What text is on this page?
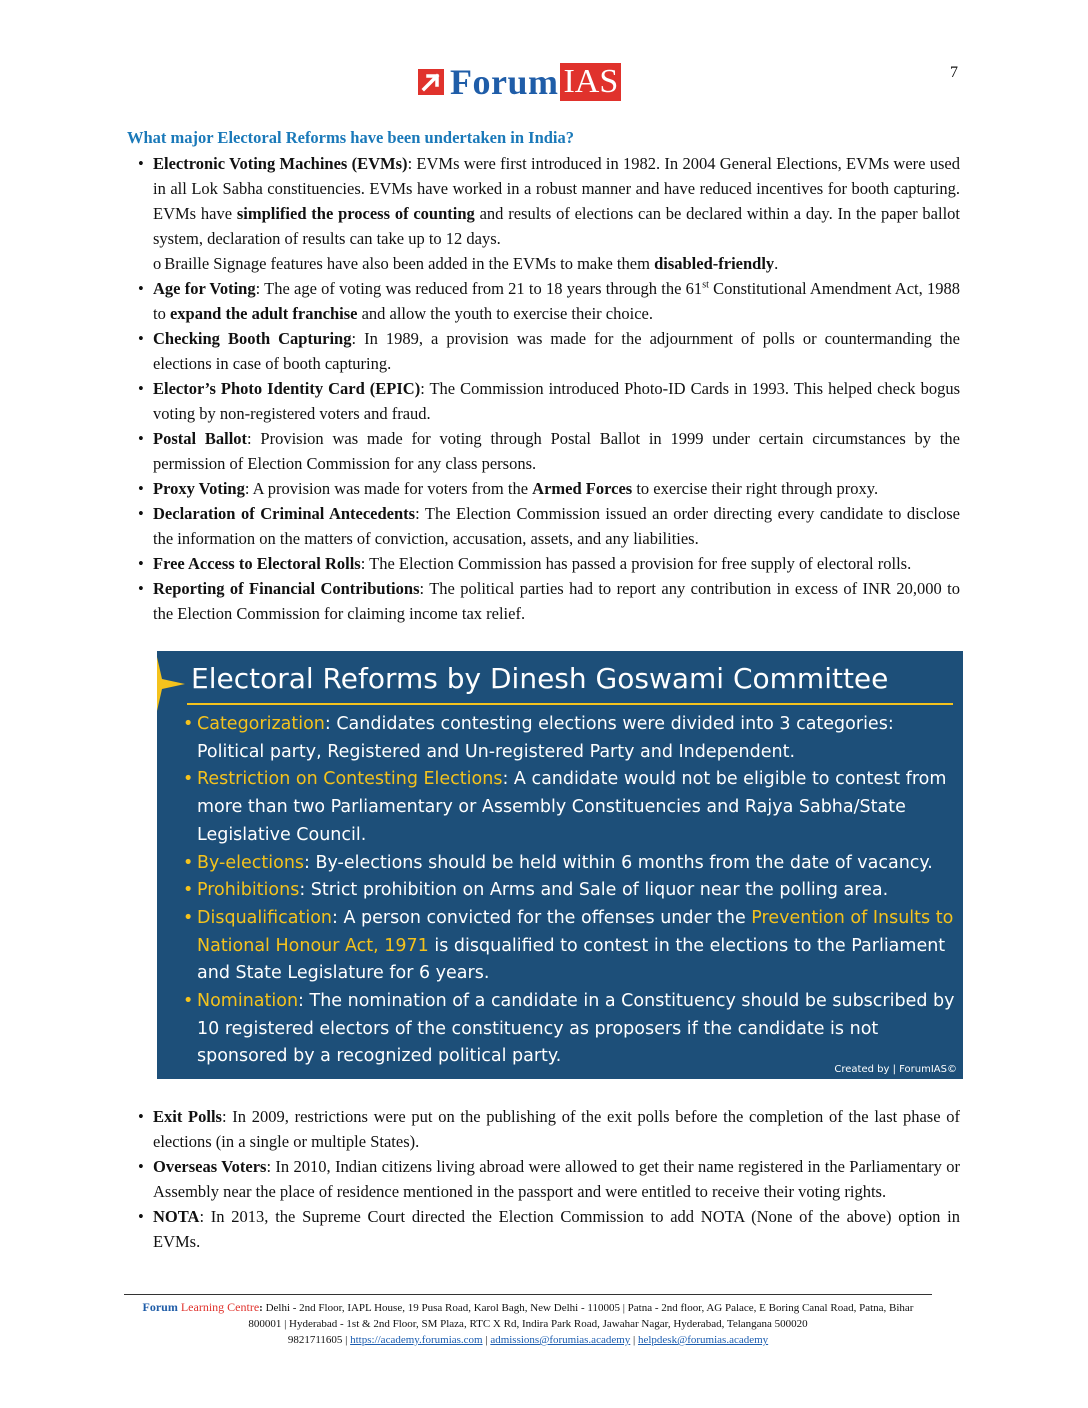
Forum IAS	7
What major Electoral Reforms have been undertaken in India?
• Electronic Voting Machines (EVMs): EVMs were first introduced in 1982. In 2004 General Elections, EVMs were used in all Lok Sabha constituencies. EVMs have worked in a robust manner and have reduced incentives for booth capturing. EVMs have simplified the process of counting and results of elections can be declared within a day. In the paper ballot system, declaration of results can take up to 12 days.
o Braille Signage features have also been added in the EVMs to make them disabled-friendly.
• Age for Voting: The age of voting was reduced from 21 to 18 years through the 61st Constitutional Amendment Act, 1988 to expand the adult franchise and allow the youth to exercise their choice.
• Checking Booth Capturing: In 1989, a provision was made for the adjournment of polls or countermanding the elections in case of booth capturing.
• Elector’s Photo Identity Card (EPIC): The Commission introduced Photo-ID Cards in 1993. This helped check bogus voting by non-registered voters and fraud.
• Postal Ballot: Provision was made for voting through Postal Ballot in 1999 under certain circumstances by the permission of Election Commission for any class persons.
• Proxy Voting: A provision was made for voters from the Armed Forces to exercise their right through proxy.
• Declaration of Criminal Antecedents: The Election Commission issued an order directing every candidate to disclose the information on the matters of conviction, accusation, assets, and any liabilities.
• Free Access to Electoral Rolls: The Election Commission has passed a provision for free supply of electoral rolls.
• Reporting of Financial Contributions: The political parties had to report any contribution in excess of INR 20,000 to the Election Commission for claiming income tax relief.
Electoral Reforms by Dinesh Goswami Committee
• Categorization: Candidates contesting elections were divided into 3 categories: Political party, Registered and Un-registered Party and Independent.
• Restriction on Contesting Elections: A candidate would not be eligible to contest from more than two Parliamentary or Assembly Constituencies and Rajya Sabha/State Legislative Council.
• By-elections: By-elections should be held within 6 months from the date of vacancy.
• Prohibitions: Strict prohibition on Arms and Sale of liquor near the polling area.
• Disqualification: A person convicted for the offenses under the Prevention of Insults to National Honour Act, 1971 is disqualified to contest in the elections to the Parliament and State Legislature for 6 years.
• Nomination: The nomination of a candidate in a Constituency should be subscribed by 10 registered electors of the constituency as proposers if the candidate is not sponsored by a recognized political party.
Created by | ForumIAS©
• Exit Polls: In 2009, restrictions were put on the publishing of the exit polls before the completion of the last phase of elections (in a single or multiple States).
• Overseas Voters: In 2010, Indian citizens living abroad were allowed to get their name registered in the Parliamentary or Assembly near the place of residence mentioned in the passport and were entitled to receive their voting rights.
• NOTA: In 2013, the Supreme Court directed the Election Commission to add NOTA (None of the above) option in EVMs.
Forum Learning Centre: Delhi - 2nd Floor, IAPL House, 19 Pusa Road, Karol Bagh, New Delhi - 110005 | Patna - 2nd floor, AG Palace, E Boring Canal Road, Patna, Bihar 800001 | Hyderabad - 1st & 2nd Floor, SM Plaza, RTC X Rd, Indira Park Road, Jawahar Nagar, Hyderabad, Telangana 500020
9821711605 | https://academy.forumias.com | admissions@forumias.academy | helpdesk@forumias.academy
